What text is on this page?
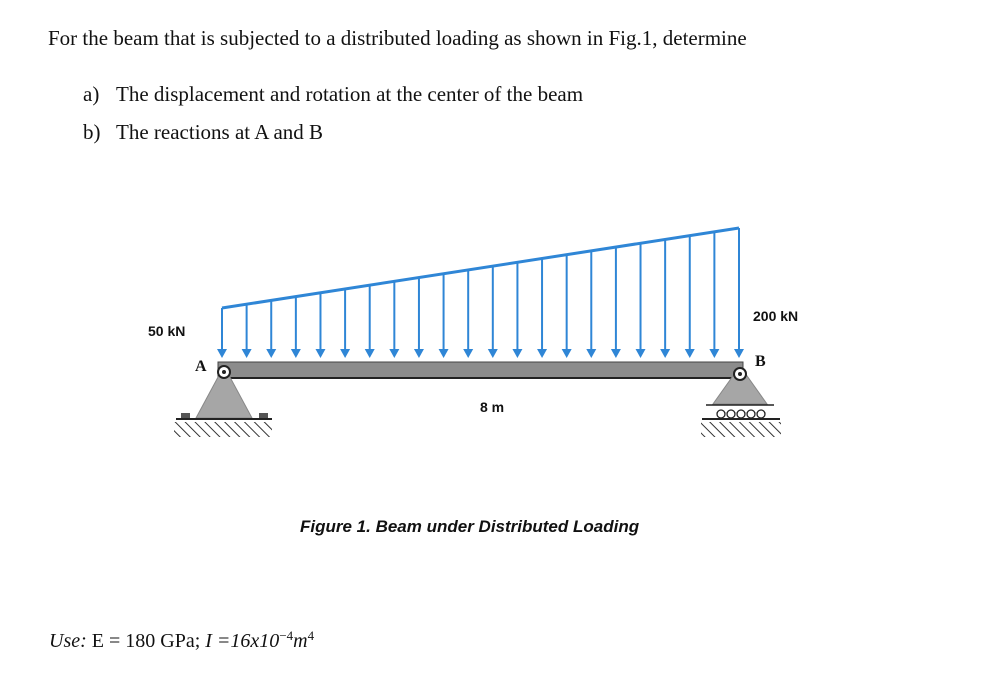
For the beam that is subjected to a distributed loading as shown in Fig.1, determine
a) The displacement and rotation at the center of the beam
b) The reactions at A and B
50 kN
200 kN
A	B
8 m
Figure 1. Beam under Distributed Loading
Use: E = 180 GPa; $I =16x10^{-4}m^4$
